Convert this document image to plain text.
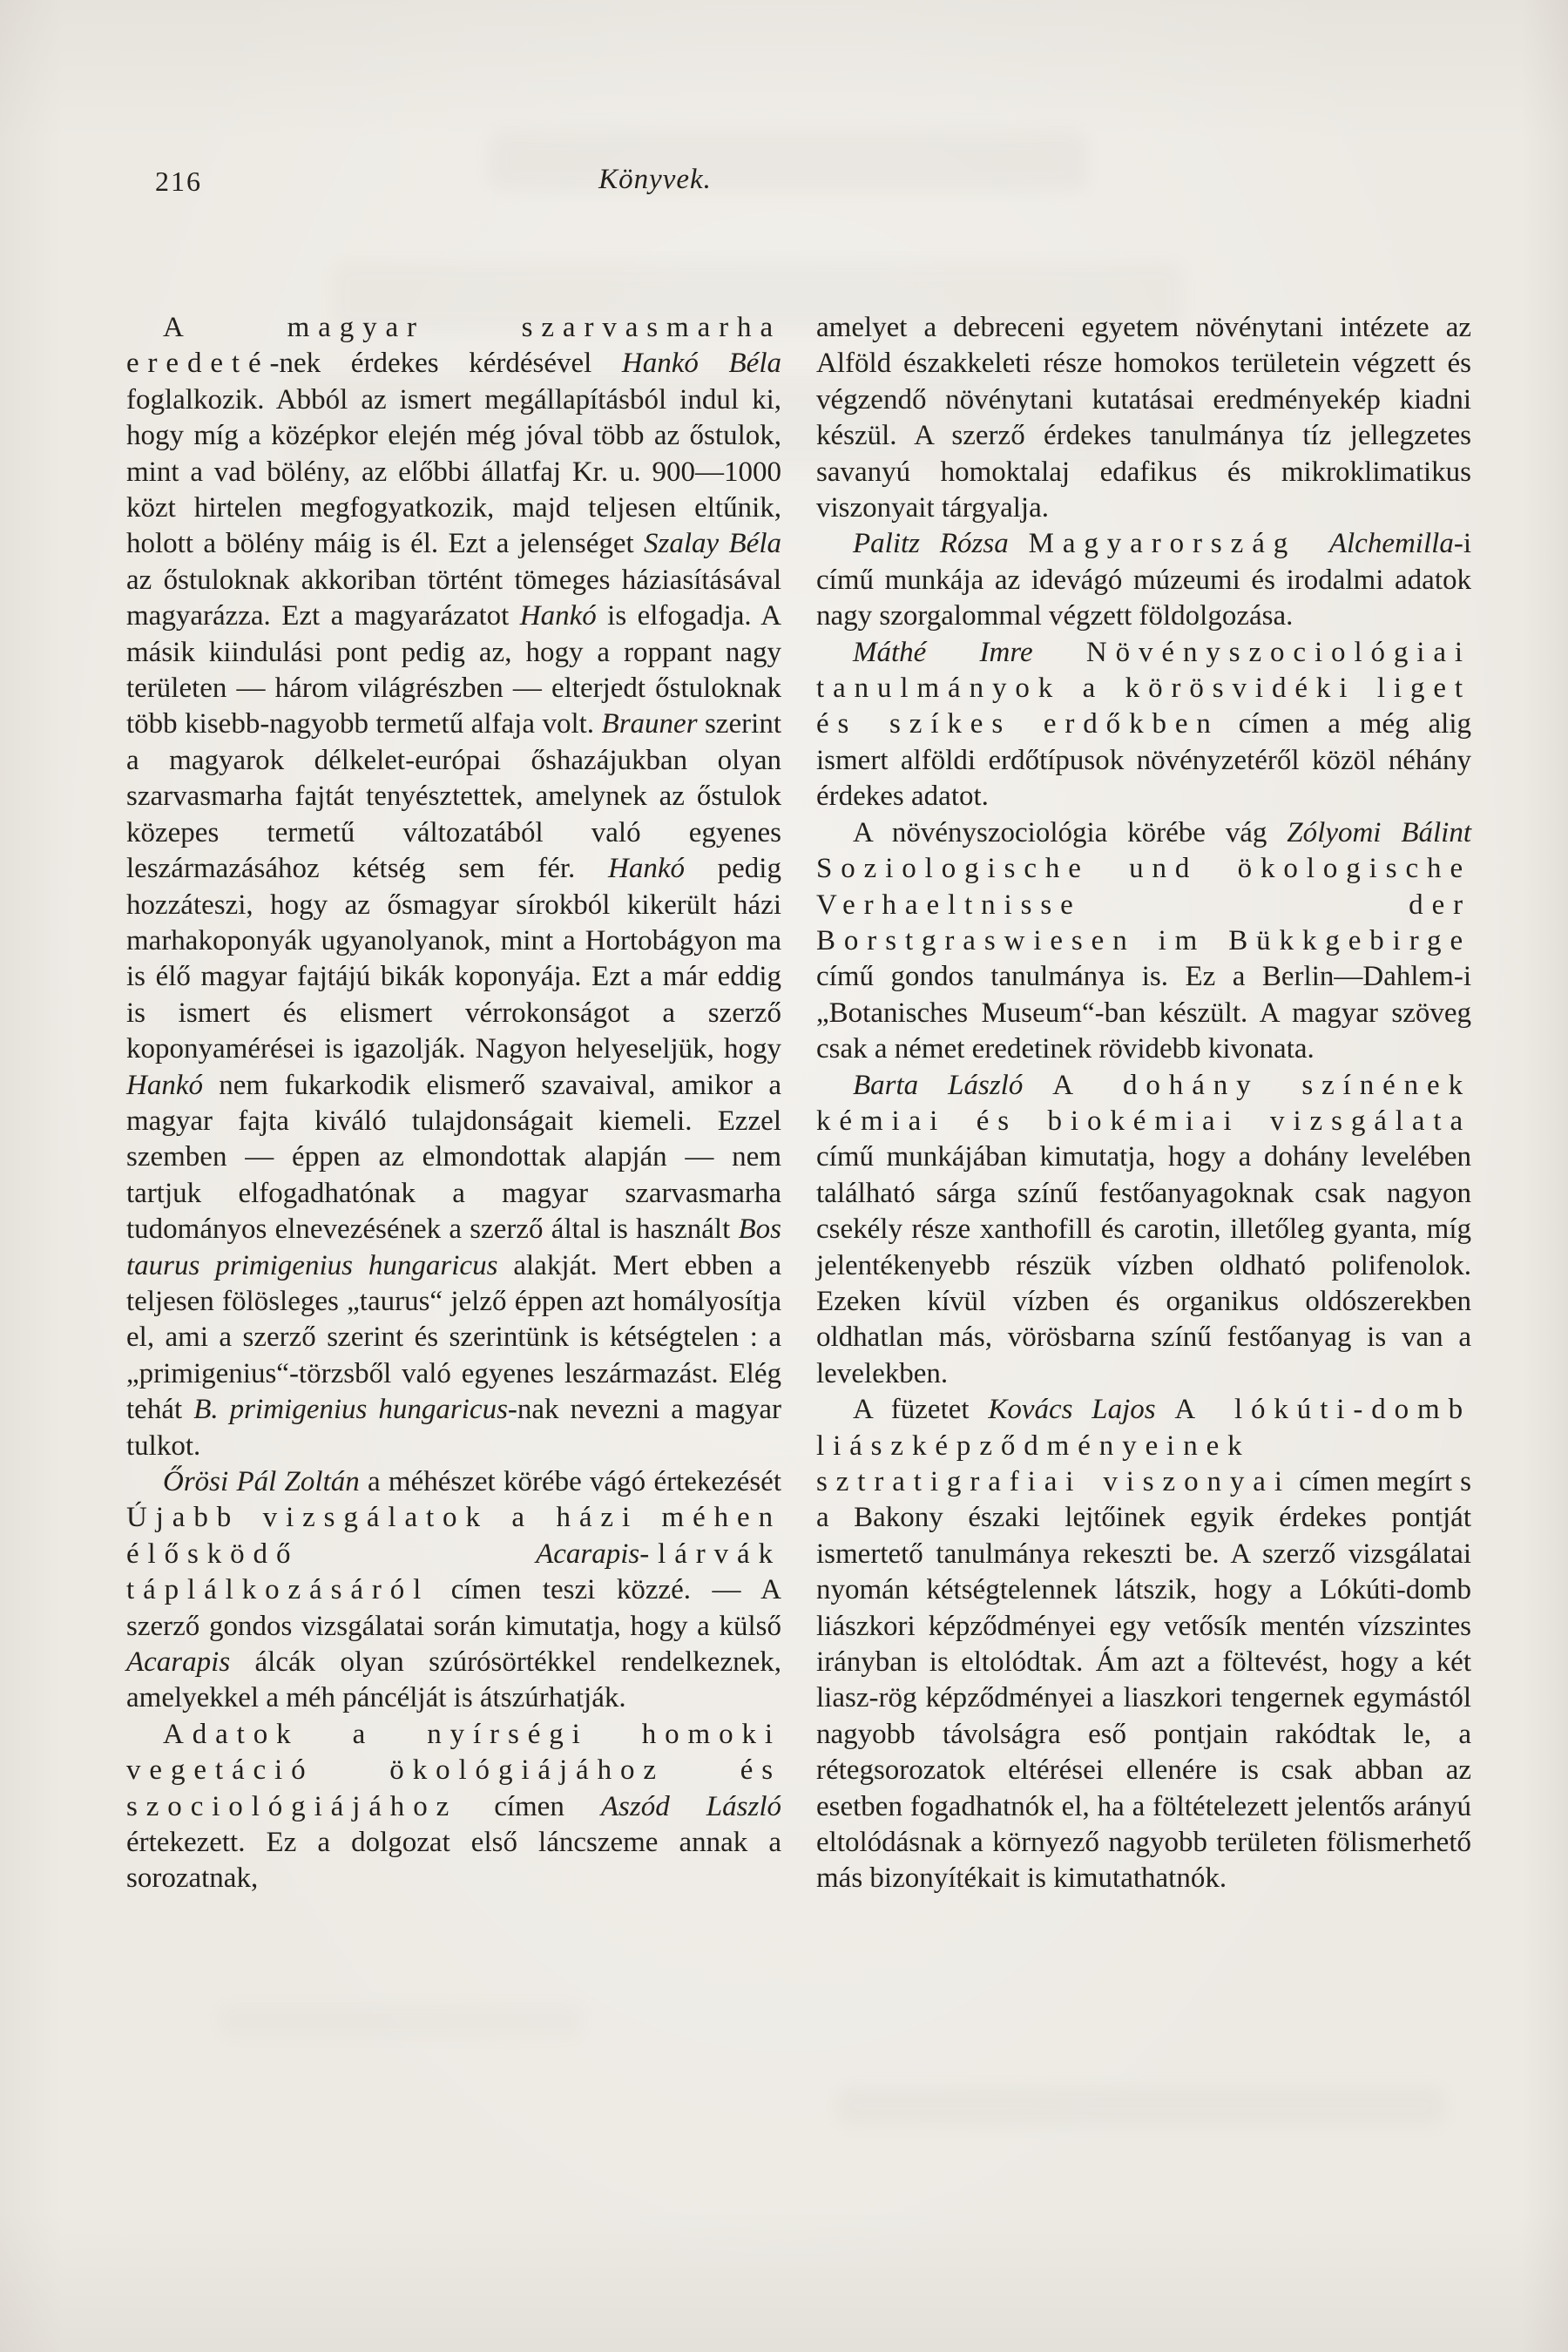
216	Könyvek.

A magyar szarvasmarha eredeté-nek érdekes kérdésével Hankó Béla foglalkozik. Abból az ismert megállapításból indul ki, hogy míg a középkor elején még jóval több az őstulok, mint a vad bölény, az előbbi állatfaj Kr. u. 900—1000 közt hirtelen megfogyatkozik, majd teljesen eltűnik, holott a bölény máig is él. Ezt a jelenséget Szalay Béla az őstuloknak akkoriban történt tömeges háziasításával magyarázza. Ezt a magyarázatot Hankó is elfogadja. A másik kiindulási pont pedig az, hogy a roppant nagy területen — három világrészben — elterjedt őstuloknak több kisebb-nagyobb termetű alfaja volt. Brauner szerint a magyarok délkelet-európai őshazájukban olyan szarvasmarha fajtát tenyésztettek, amelynek az őstulok közepes termetű változatából való egyenes leszármazásához kétség sem fér. Hankó pedig hozzáteszi, hogy az ősmagyar sírokból kikerült házi marhakoponyák ugyanolyanok, mint a Hortobágyon ma is élő magyar fajtájú bikák koponyája. Ezt a már eddig is ismert és elismert vérrokonságot a szerző koponyamérései is igazolják. Nagyon helyeseljük, hogy Hankó nem fukarkodik elismerő szavaival, amikor a magyar fajta kiváló tulajdonságait kiemeli. Ezzel szemben — éppen az elmondottak alapján — nem tartjuk elfogadhatónak a magyar szarvasmarha tudományos elnevezésének a szerző által is használt Bos taurus primigenius hungaricus alakját. Mert ebben a teljesen fölösleges „taurus“ jelző éppen azt homályosítja el, ami a szerző szerint és szerintünk is kétségtelen : a „primigenius“-törzsből való egyenes leszármazást. Elég tehát B. primigenius hungaricus-nak nevezni a magyar tulkot.

Őrösi Pál Zoltán a méhészet körébe vágó értekezését Újabb vizsgálatok a házi méhen élősködő Acarapis-lárvák táplálkozásáról címen teszi közzé. — A szerző gondos vizsgálatai során kimutatja, hogy a külső Acarapis álcák olyan szúrósörtékkel rendelkeznek, amelyekkel a méh páncélját is átszúrhatják.

Adatok a nyírségi homoki vegetáció ökológiájához és szociológiájához címen Aszód László értekezett. Ez a dolgozat első láncszeme annak a sorozatnak,

amelyet a debreceni egyetem növénytani intézete az Alföld északkeleti része homokos területein végzett és végzendő növénytani kutatásai eredményekép kiadni készül. A szerző érdekes tanulmánya tíz jellegzetes savanyú homoktalaj edafikus és mikroklimatikus viszonyait tárgyalja.

Palitz Rózsa Magyarország Alchemilla-i című munkája az idevágó múzeumi és irodalmi adatok nagy szorgalommal végzett földolgozása.

Máthé Imre Növényszociológiai tanulmányok a körösvidéki liget és szíkes erdőkben címen a még alig ismert alföldi erdőtípusok növényzetéről közöl néhány érdekes adatot.

A növényszociológia körébe vág Zólyomi Bálint Soziologische und ökologische Verhaeltnisse der Borstgraswiesen im Bükkgebirge című gondos tanulmánya is. Ez a Berlin—Dahlem-i „Botanisches Museum“-ban készült. A magyar szöveg csak a német eredetinek rövidebb kivonata.

Barta László A dohány színének kémiai és biokémiai vizsgálata című munkájában kimutatja, hogy a dohány levelében található sárga színű festőanyagoknak csak nagyon csekély része xanthofill és carotin, illetőleg gyanta, míg jelentékenyebb részük vízben oldható polifenolok. Ezeken kívül vízben és organikus oldószerekben oldhatlan más, vörösbarna színű festőanyag is van a levelekben.

A füzetet Kovács Lajos A lókúti-domb liászképződményeinek sztratigrafiai viszonyai címen megírt s a Bakony északi lejtőinek egyik érdekes pontját ismertető tanulmánya rekeszti be. A szerző vizsgálatai nyomán kétségtelennek látszik, hogy a Lókúti-domb liászkori képződményei egy vetősík mentén vízszintes irányban is eltolódtak. Ám azt a föltevést, hogy a két liasz-rög képződményei a liaszkori tengernek egymástól nagyobb távolságra eső pontjain rakódtak le, a rétegsorozatok eltérései ellenére is csak abban az esetben fogadhatnók el, ha a föltételezett jelentős arányú eltolódásnak a környező nagyobb területen fölismerhető más bizonyítékait is kimutathatnók.
